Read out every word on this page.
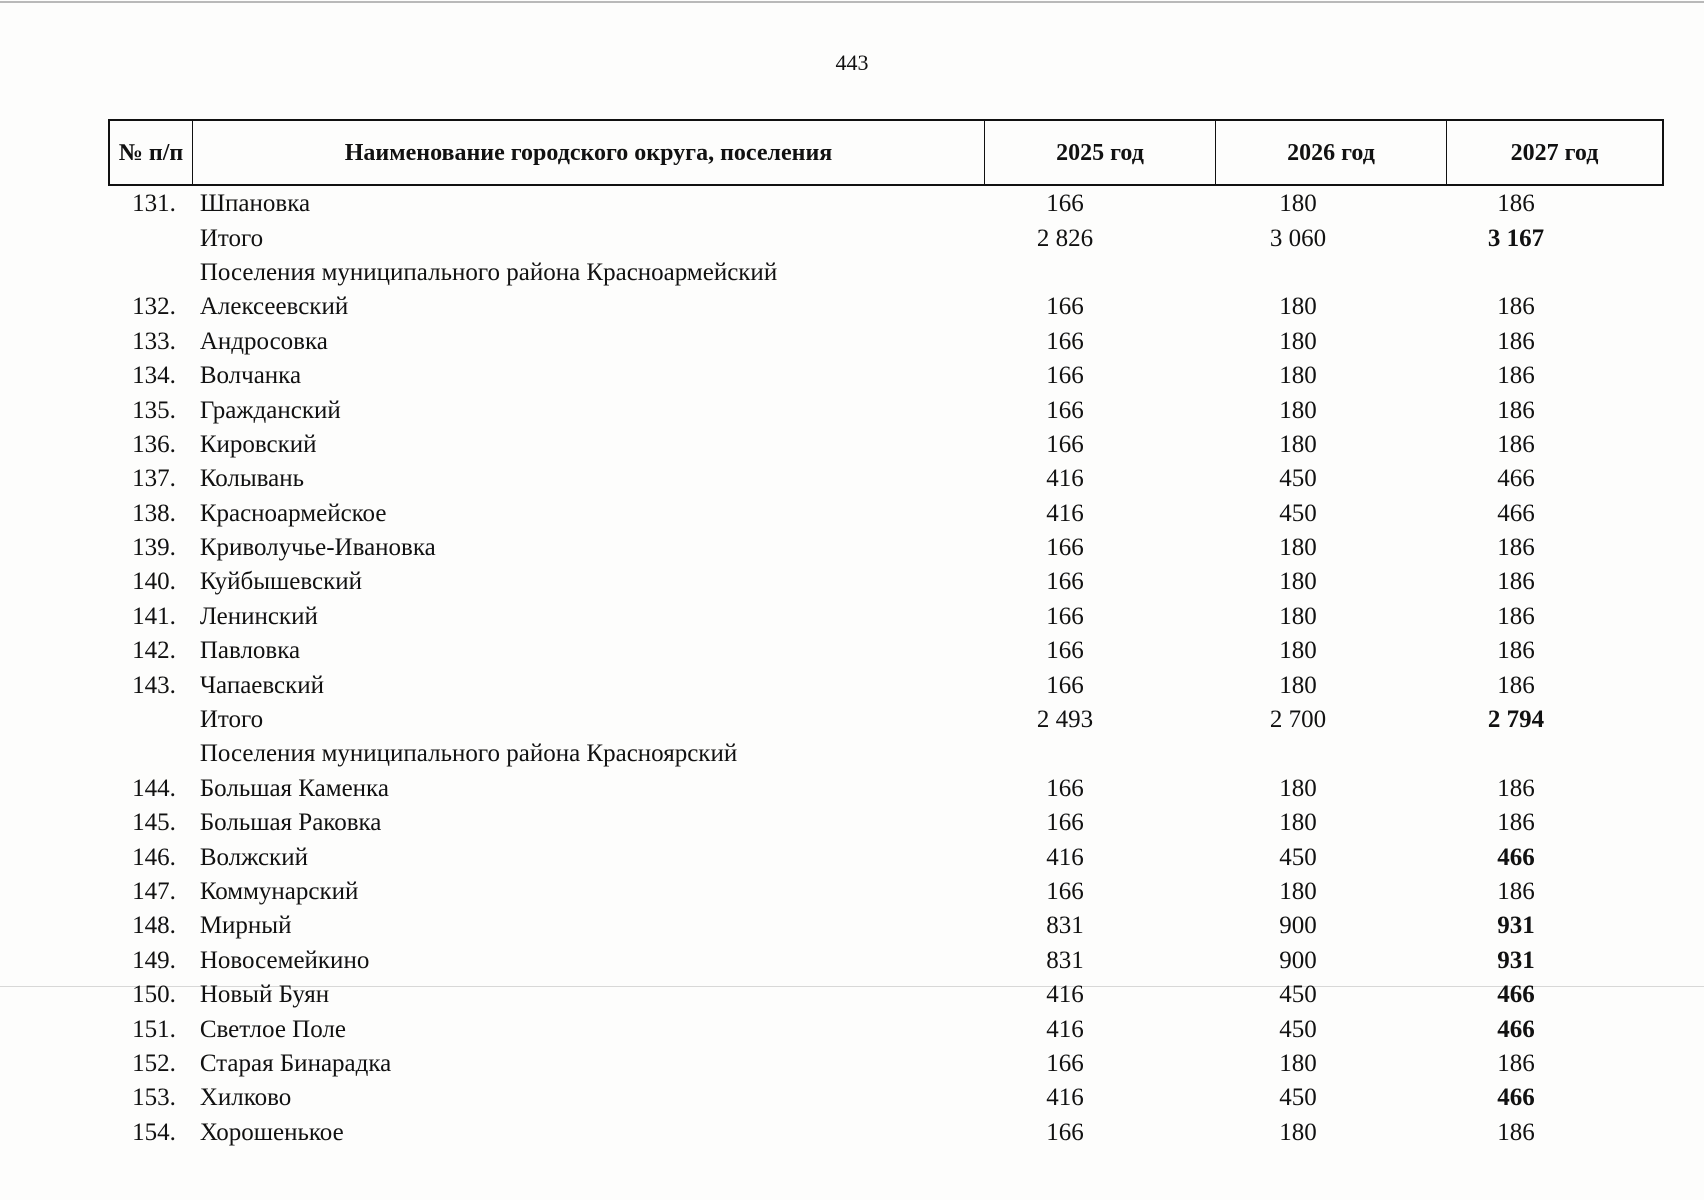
443
№ п/п	Наименование городского округа, поселения	2025 год	2026 год	2027 год
131. Шпановка	166	180	186
Итого	2 826	3 060	3 167
Поселения муниципального района Красноармейский
132. Алексеевский	166	180	186
133. Андросовка	166	180	186
134. Волчанка	166	180	186
135. Гражданский	166	180	186
136. Кировский	166	180	186
137. Колывань	416	450	466
138. Красноармейское	416	450	466
139. Криволучье-Ивановка	166	180	186
140. Куйбышевский	166	180	186
141. Ленинский	166	180	186
142. Павловка	166	180	186
143. Чапаевский	166	180	186
Итого	2 493	2 700	2 794
Поселения муниципального района Красноярский
144. Большая Каменка	166	180	186
145. Большая Раковка	166	180	186
146. Волжский	416	450	466
147. Коммунарский	166	180	186
148. Мирный	831	900	931
149. Новосемейкино	831	900	931
150. Новый Буян	416	450	466
151. Светлое Поле	416	450	466
152. Старая Бинарадка	166	180	186
153. Хилково	416	450	466
154. Хорошенькое	166	180	186
